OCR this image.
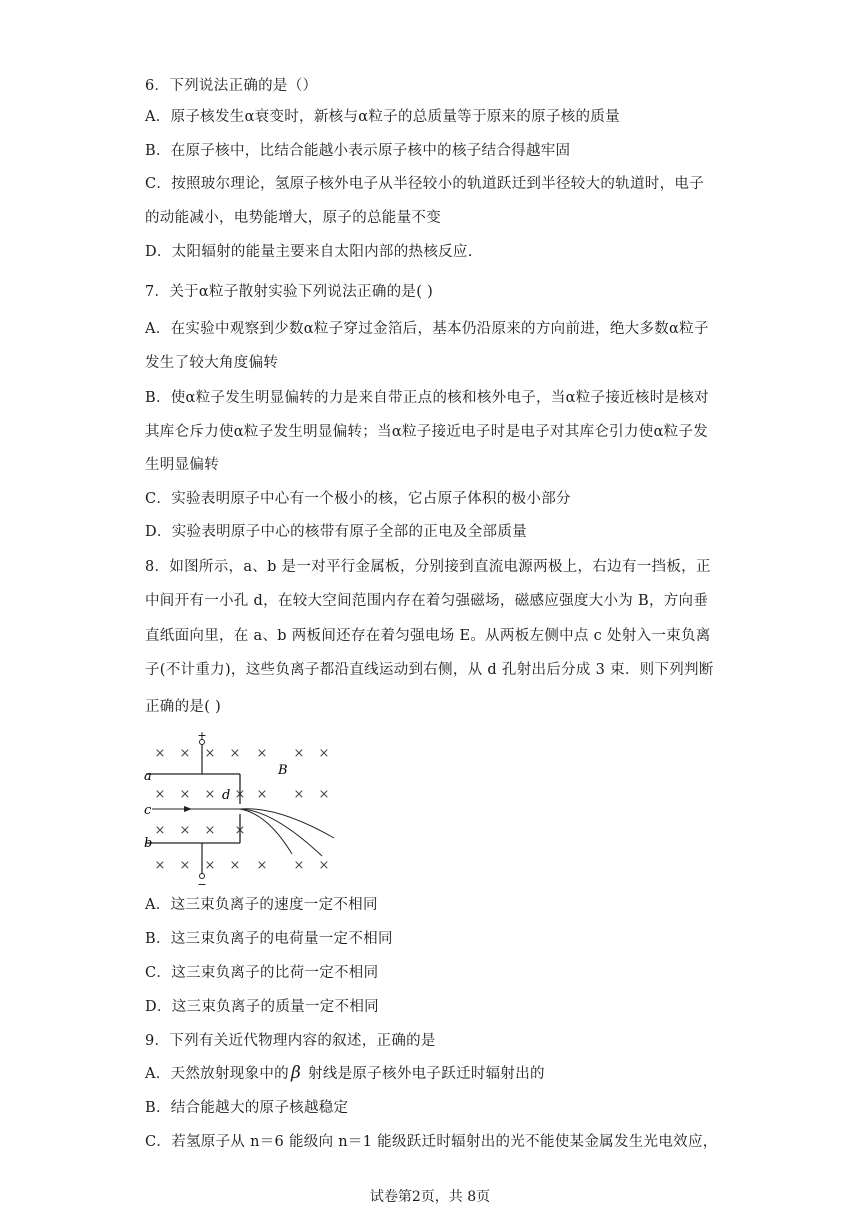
6．下列说法正确的是（）
A．原子核发生α衰变时，新核与α粒子的总质量等于原来的原子核的质量
B．在原子核中，比结合能越小表示原子核中的核子结合得越牢固
C．按照玻尔理论，氢原子核外电子从半径较小的轨道跃迁到半径较大的轨道时，电子
的动能减小，电势能增大，原子的总能量不变
D．太阳辐射的能量主要来自太阳内部的热核反应.
7．关于α粒子散射实验下列说法正确的是( )
A．在实验中观察到少数α粒子穿过金箔后，基本仍沿原来的方向前进，绝大多数α粒子
发生了较大角度偏转
B．使α粒子发生明显偏转的力是来自带正点的核和核外电子，当α粒子接近核时是核对
其库仑斥力使α粒子发生明显偏转；当α粒子接近电子时是电子对其库仑引力使α粒子发
生明显偏转
C．实验表明原子中心有一个极小的核，它占原子体积的极小部分
D．实验表明原子中心的核带有原子全部的正电及全部质量
8．如图所示，a、b 是一对平行金属板，分别接到直流电源两极上，右边有一挡板，正
中间开有一小孔 d，在较大空间范围内存在着匀强磁场，磁感应强度大小为 B，方向垂
直纸面向里，在 a、b 两板间还存在着匀强电场 E。从两板左侧中点 c 处射入一束负离
子(不计重力)，这些负离子都沿直线运动到右侧，从 d 孔射出后分成 3 束．则下列判断
正确的是( )
× × × × × × ×
× × × × × × ×
× × × ×
× × × × × × ×
+
−
a
c
b
d
B
A．这三束负离子的速度一定不相同
B．这三束负离子的电荷量一定不相同
C．这三束负离子的比荷一定不相同
D．这三束负离子的质量一定不相同
9．下列有关近代物理内容的叙述，正确的是
A．天然放射现象中的 β 射线是原子核外电子跃迁时辐射出的
B．结合能越大的原子核越稳定
C．若氢原子从 n＝6 能级向 n＝1 能级跃迁时辐射出的光不能使某金属发生光电效应，
试卷第2页，共 8页
